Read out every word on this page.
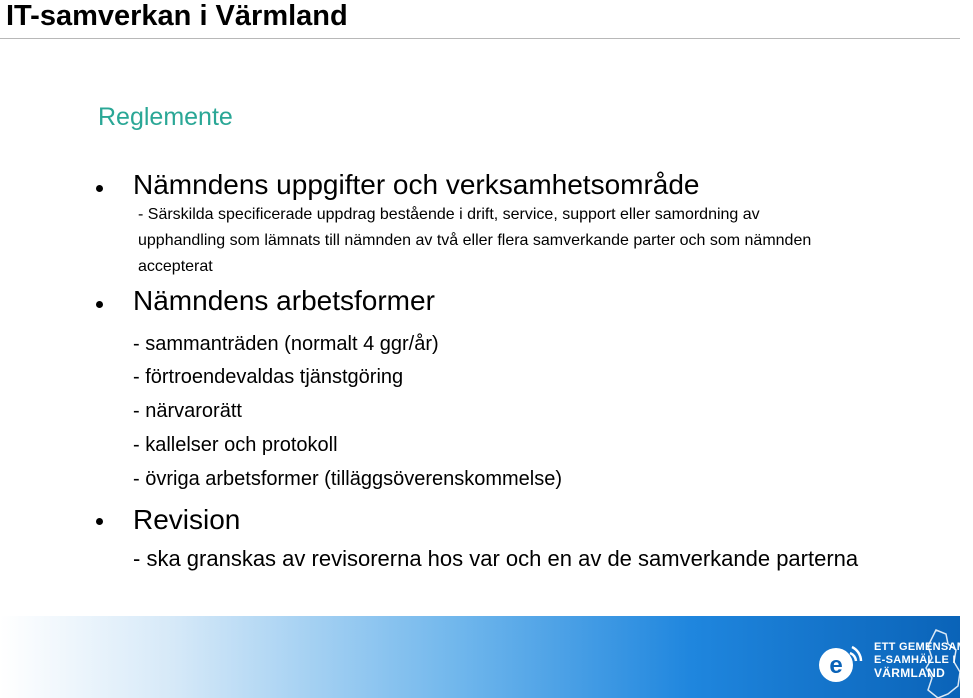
IT-samverkan i Värmland
Reglemente
Nämndens uppgifter och verksamhetsområde
- Särskilda specificerade uppdrag bestående i drift, service, support eller samordning av
upphandling som lämnats till nämnden av två eller flera samverkande parter och som nämnden
accepterat
Nämndens arbetsformer
- sammanträden (normalt 4 ggr/år)
- förtroendevaldas tjänstgöring
- närvarorätt
- kallelser och protokoll
- övriga arbetsformer (tilläggsöverenskommelse)
Revision
- ska granskas av revisorerna hos var och en av de samverkande parterna
e
ETT GEMENSAMT
E-SAMHÄLLE I
VÄRMLAND
